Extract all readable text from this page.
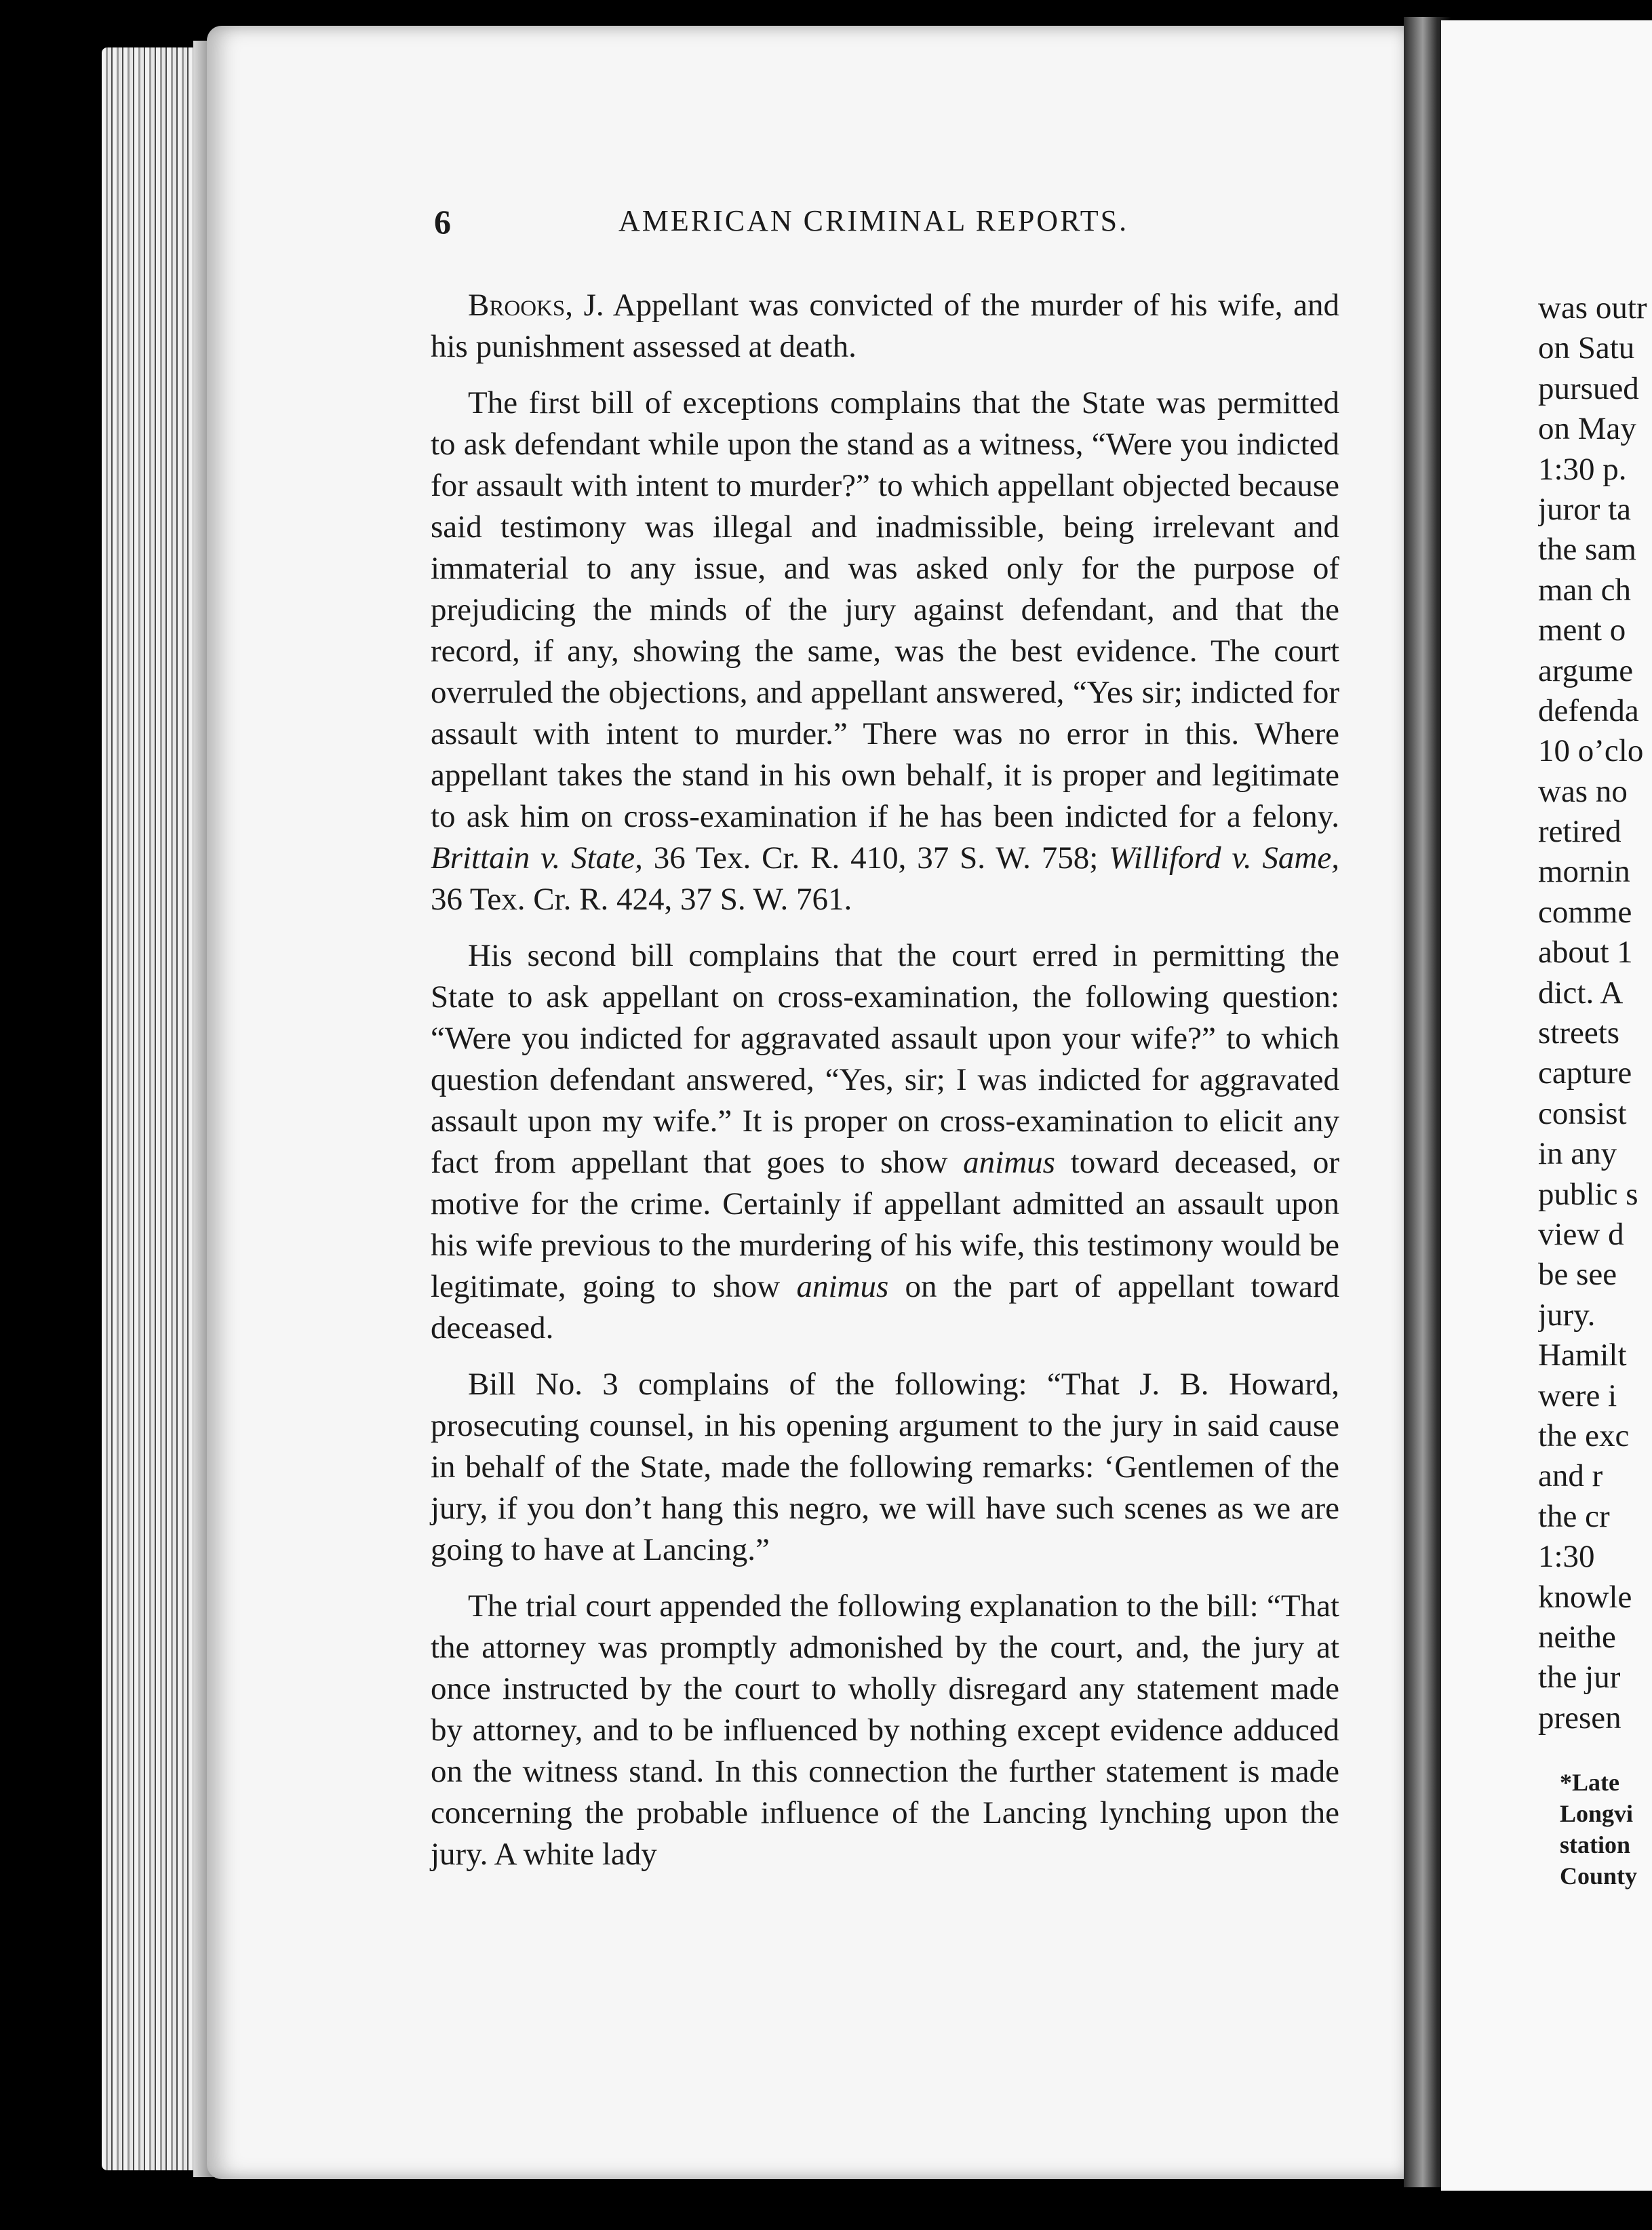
6	AMERICAN CRIMINAL REPORTS.

Brooks, J. Appellant was convicted of the murder of his wife, and his punishment assessed at death.

The first bill of exceptions complains that the State was permitted to ask defendant while upon the stand as a witness, “Were you indicted for assault with intent to murder?” to which appellant objected because said testimony was illegal and inadmissible, being irrelevant and immaterial to any issue, and was asked only for the purpose of prejudicing the minds of the jury against defendant, and that the record, if any, showing the same, was the best evidence. The court overruled the objections, and appellant answered, “Yes sir; indicted for assault with intent to murder.” There was no error in this. Where appellant takes the stand in his own behalf, it is proper and legitimate to ask him on cross-examination if he has been indicted for a felony. Brittain v. State, 36 Tex. Cr. R. 410, 37 S. W. 758; Williford v. Same, 36 Tex. Cr. R. 424, 37 S. W. 761.

His second bill complains that the court erred in permitting the State to ask appellant on cross-examination, the following question: “Were you indicted for aggravated assault upon your wife?” to which question defendant answered, “Yes, sir; I was indicted for aggravated assault upon my wife.” It is proper on cross-examination to elicit any fact from appellant that goes to show animus toward deceased, or motive for the crime. Certainly if appellant admitted an assault upon his wife previous to the murdering of his wife, this testimony would be legitimate, going to show animus on the part of appellant toward deceased.

Bill No. 3 complains of the following: “That J. B. Howard, prosecuting counsel, in his opening argument to the jury in said cause in behalf of the State, made the following remarks: ‘Gentlemen of the jury, if you don’t hang this negro, we will have such scenes as we are going to have at Lancing.”

The trial court appended the following explanation to the bill: “That the attorney was promptly admonished by the court, and, the jury at once instructed by the court to wholly disregard any statement made by attorney, and to be influenced by nothing except evidence adduced on the witness stand. In this connection the further statement is made concerning the probable influence of the Lancing lynching upon the jury. A white lady

was outr
on Satu
pursued
on May
1:30 p.
juror ta
the sam
man ch
ment o
argume
defenda
10 o’clo
was no
retired
mornin
comme
about 1
dict. A
streets
capture
consist
in any
public s
view d
be see
jury.
Hamilt
were i
the exc
and r
the cr
1:30
knowle
neithe
the jur
presen
*Late
Longvi
station
County
